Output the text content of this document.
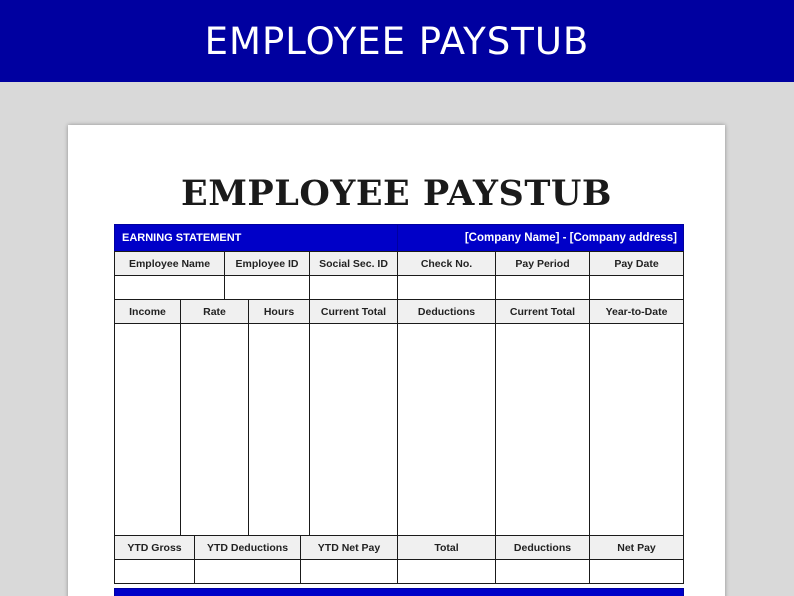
EMPLOYEE PAYSTUB
EMPLOYEE PAYSTUB
EARNING STATEMENT	[Company Name] - [Company address]
Employee Name	Employee ID	Social Sec. ID	Check No.	Pay Period	Pay Date
Income	Rate	Hours	Current Total	Deductions	Current Total	Year-to-Date
YTD Gross	YTD Deductions	YTD Net Pay	Total	Deductions	Net Pay
